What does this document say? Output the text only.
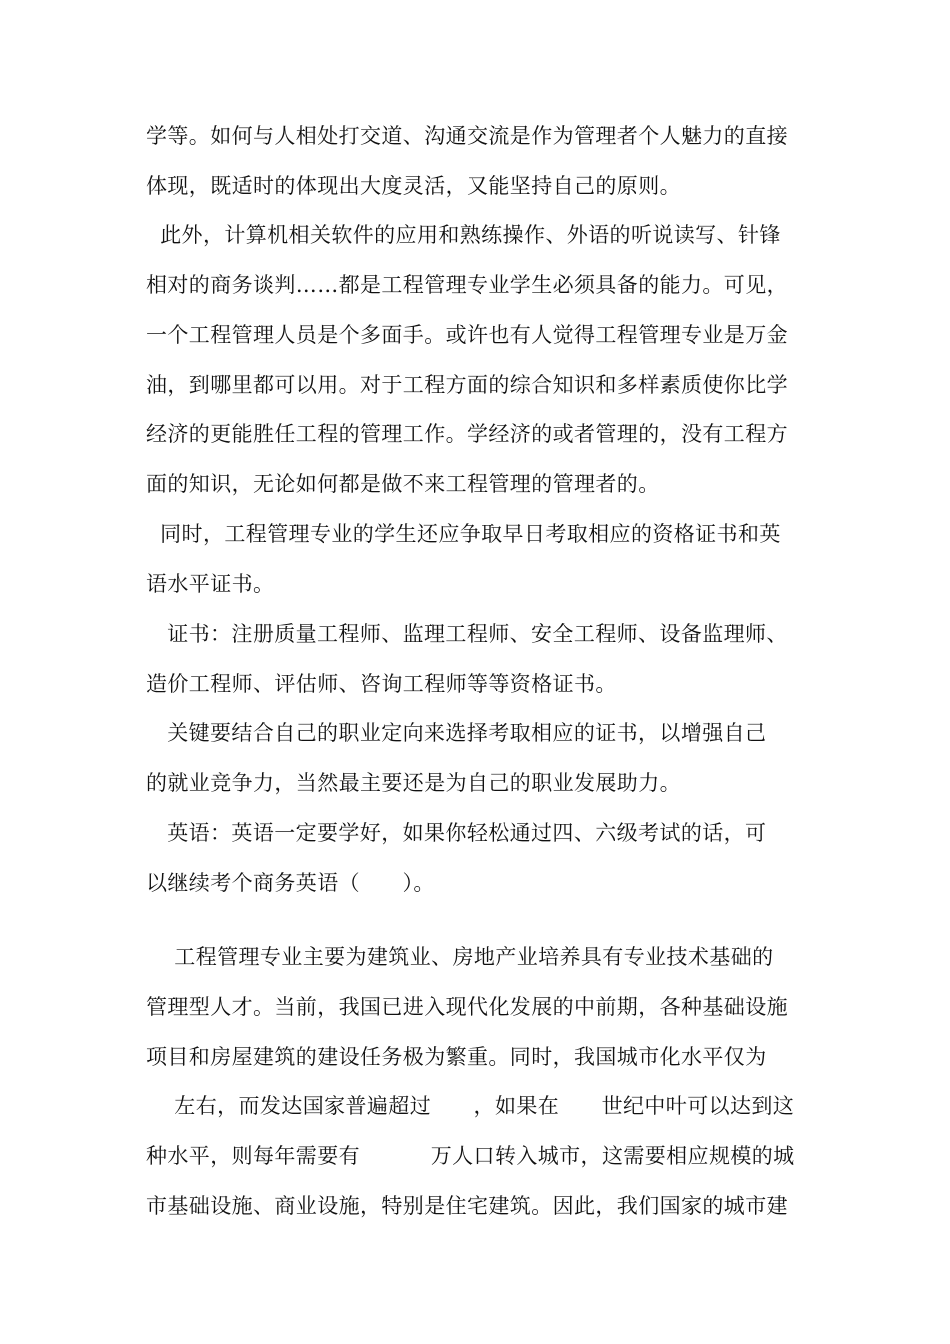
学等。如何与人相处打交道、沟通交流是作为管理者个人魅力的直接
体现，既适时的体现出大度灵活，又能坚持自己的原则。
此外，计算机相关软件的应用和熟练操作、外语的听说读写、针锋
相对的商务谈判……都是工程管理专业学生必须具备的能力。可见，
一个工程管理人员是个多面手。或许也有人觉得工程管理专业是万金
油，到哪里都可以用。对于工程方面的综合知识和多样素质使你比学
经济的更能胜任工程的管理工作。学经济的或者管理的，没有工程方
面的知识，无论如何都是做不来工程管理的管理者的。
同时，工程管理专业的学生还应争取早日考取相应的资格证书和英
语水平证书。
证书：注册质量工程师、监理工程师、安全工程师、设备监理师、
造价工程师、评估师、咨询工程师等等资格证书。
关键要结合自己的职业定向来选择考取相应的证书，以增强自己
的就业竞争力，当然最主要还是为自己的职业发展助力。
英语：英语一定要学好，如果你轻松通过四、六级考试的话，可
以继续考个商务英语（      ）。
工程管理专业主要为建筑业、房地产业培养具有专业技术基础的
管理型人才。当前，我国已进入现代化发展的中前期，各种基础设施
项目和房屋建筑的建设任务极为繁重。同时，我国城市化水平仅为
左右，而发达国家普遍超过      ，如果在      世纪中叶可以达到这
种水平，则每年需要有          万人口转入城市，这需要相应规模的城
市基础设施、商业设施，特别是住宅建筑。因此，我们国家的城市建
